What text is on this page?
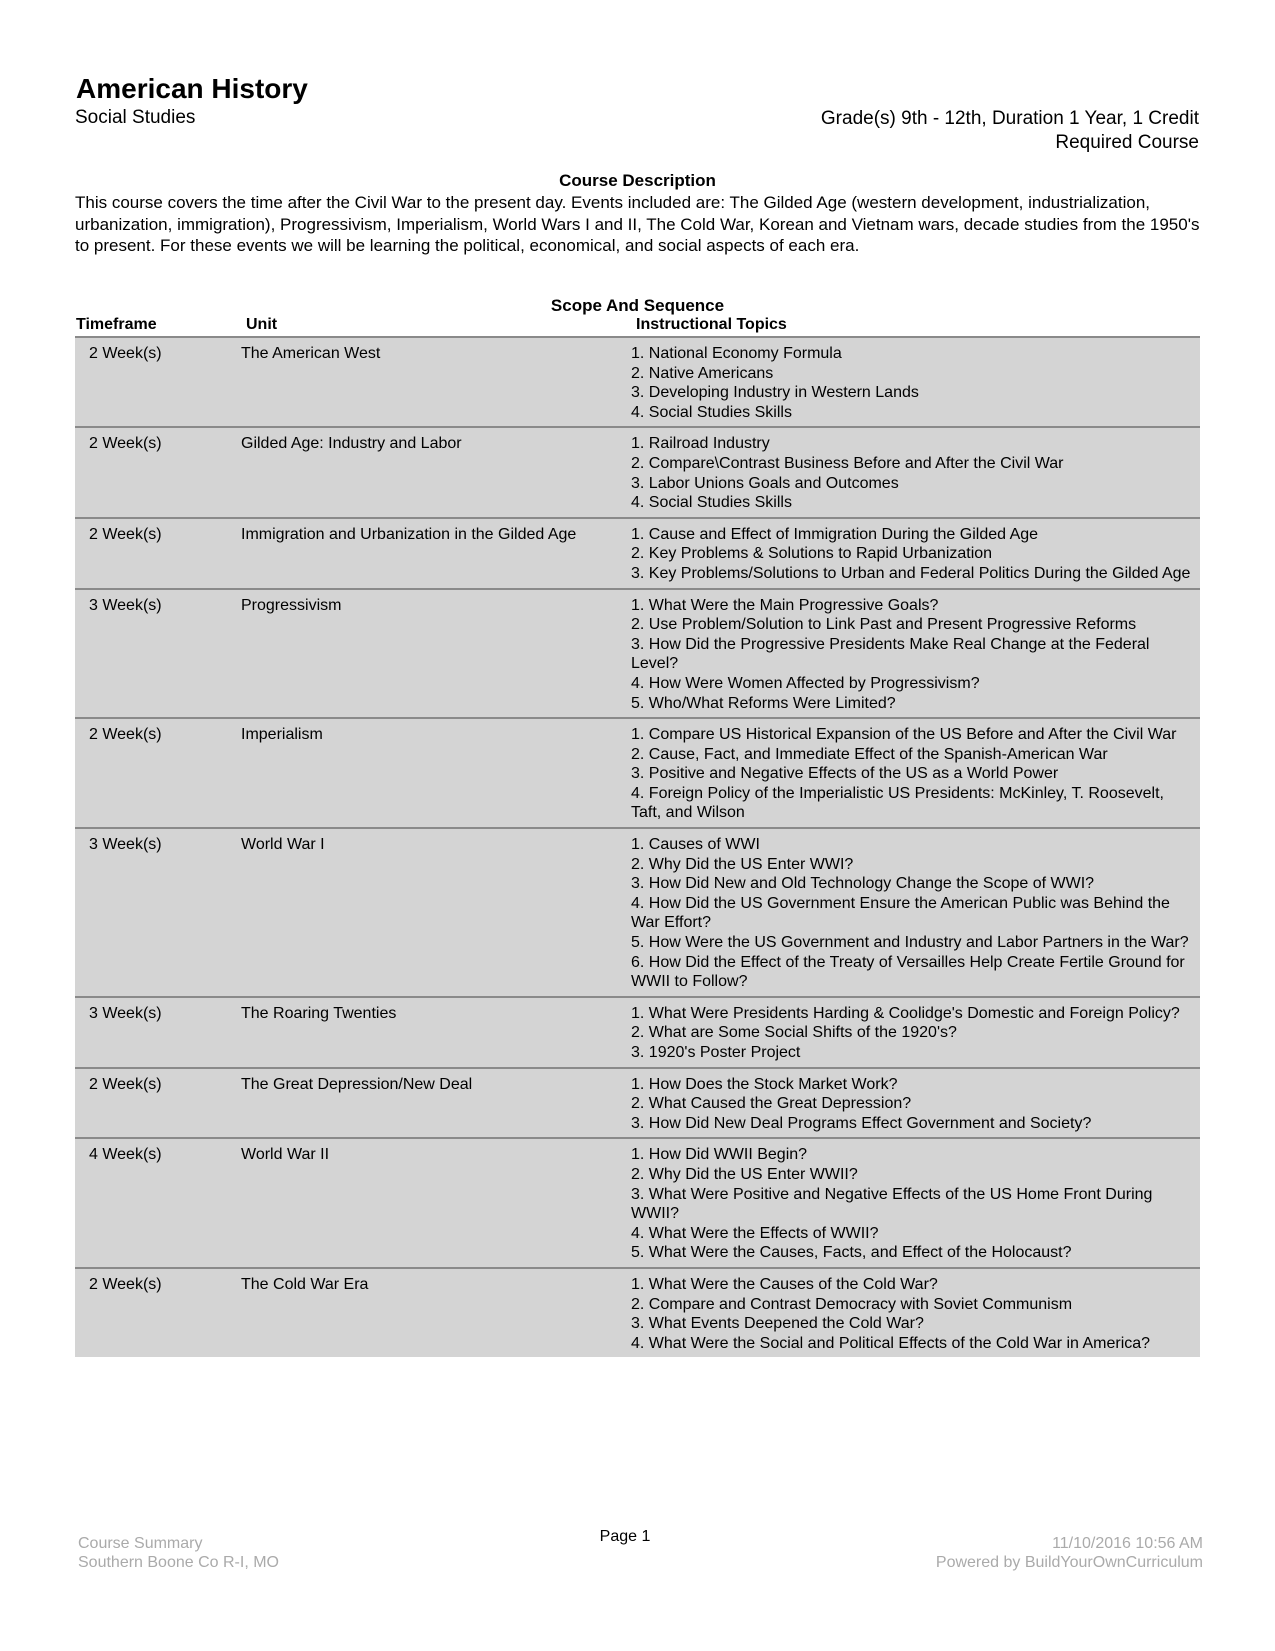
American History
Social Studies	Grade(s) 9th - 12th, Duration 1 Year, 1 Credit
Required Course
Course Description
This course covers the time after the Civil War to the present day. Events included are: The Gilded Age (western development, industrialization, urbanization, immigration), Progressivism, Imperialism, World Wars I and II, The Cold War, Korean and Vietnam wars, decade studies from the 1950's to present. For these events we will be learning the political, economical, and social aspects of each era.
Scope And Sequence
Timeframe	Unit	Instructional Topics
2 Week(s)	The American West	1. National Economy Formula
2. Native Americans
3. Developing Industry in Western Lands
4. Social Studies Skills
2 Week(s)	Gilded Age: Industry and Labor	1. Railroad Industry
2. Compare\Contrast Business Before and After the Civil War
3. Labor Unions Goals and Outcomes
4. Social Studies Skills
2 Week(s)	Immigration and Urbanization in the Gilded Age	1. Cause and Effect of Immigration During the Gilded Age
2. Key Problems & Solutions to Rapid Urbanization
3. Key Problems/Solutions to Urban and Federal Politics During the Gilded Age
3 Week(s)	Progressivism	1. What Were the Main Progressive Goals?
2. Use Problem/Solution to Link Past and Present Progressive Reforms
3. How Did the Progressive Presidents Make Real Change at the Federal Level?
4. How Were Women Affected by Progressivism?
5. Who/What Reforms Were Limited?
2 Week(s)	Imperialism	1. Compare US Historical Expansion of the US Before and After the Civil War
2. Cause, Fact, and Immediate Effect of the Spanish-American War
3. Positive and Negative Effects of the US as a World Power
4. Foreign Policy of the Imperialistic US Presidents: McKinley, T. Roosevelt, Taft, and Wilson
3 Week(s)	World War I	1. Causes of WWI
2. Why Did the US Enter WWI?
3. How Did New and Old Technology Change the Scope of WWI?
4. How Did the US Government Ensure the American Public was Behind the War Effort?
5. How Were the US Government and Industry and Labor Partners in the War?
6. How Did the Effect of the Treaty of Versailles Help Create Fertile Ground for WWII to Follow?
3 Week(s)	The Roaring Twenties	1. What Were Presidents Harding & Coolidge's Domestic and Foreign Policy?
2. What are Some Social Shifts of the 1920's?
3. 1920's Poster Project
2 Week(s)	The Great Depression/New Deal	1. How Does the Stock Market Work?
2. What Caused the Great Depression?
3. How Did New Deal Programs Effect Government and Society?
4 Week(s)	World War II	1. How Did WWII Begin?
2. Why Did the US Enter WWII?
3. What Were Positive and Negative Effects of the US Home Front During WWII?
4. What Were the Effects of WWII?
5. What Were the Causes, Facts, and Effect of the Holocaust?
2 Week(s)	The Cold War Era	1. What Were the Causes of the Cold War?
2. Compare and Contrast Democracy with Soviet Communism
3. What Events Deepened the Cold War?
4. What Were the Social and Political Effects of the Cold War in America?
Course Summary
Southern Boone Co R-I, MO
Page 1	11/10/2016 10:56 AM
Powered by BuildYourOwnCurriculum
